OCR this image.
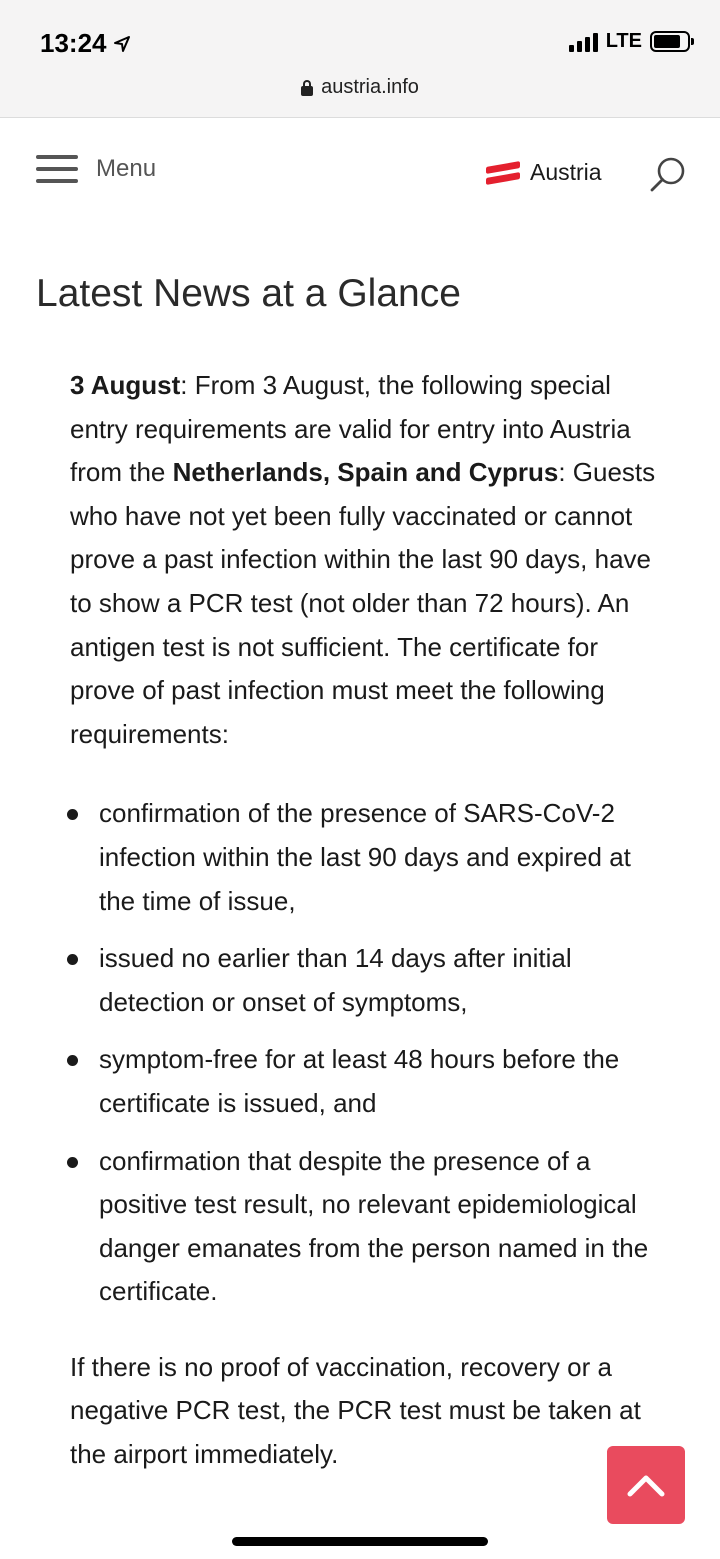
13:24	LTE
austria.info
Menu	Austria
Latest News at a Glance

3 August: From 3 August, the following special entry requirements are valid for entry into Austria from the Netherlands, Spain and Cyprus: Guests who have not yet been fully vaccinated or cannot prove a past infection within the last 90 days, have to show a PCR test (not older than 72 hours). An antigen test is not sufficient. The certificate for prove of past infection must meet the following requirements:

confirmation of the presence of SARS-CoV-2 infection within the last 90 days and expired at the time of issue,
issued no earlier than 14 days after initial detection or onset of symptoms,
symptom-free for at least 48 hours before the certificate is issued, and
confirmation that despite the presence of a positive test result, no relevant epidemiological danger emanates from the person named in the certificate.

If there is no proof of vaccination, recovery or a negative PCR test, the PCR test must be taken at the airport immediately.
